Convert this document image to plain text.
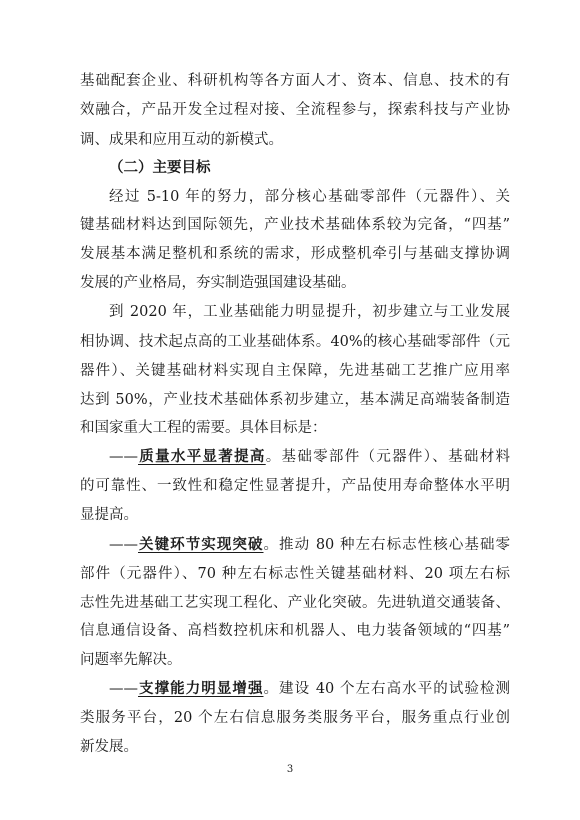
基础配套企业、科研机构等各方面人才、资本、信息、技术的有
效融合，产品开发全过程对接、全流程参与，探索科技与产业协
调、成果和应用互动的新模式。
（二）主要目标
经过 5-10 年的努力，部分核心基础零部件（元器件）、关
键基础材料达到国际领先，产业技术基础体系较为完备，“四基”
发展基本满足整机和系统的需求，形成整机牵引与基础支撑协调
发展的产业格局，夯实制造强国建设基础。
到 2020 年，工业基础能力明显提升，初步建立与工业发展
相协调、技术起点高的工业基础体系。40%的核心基础零部件（元
器件）、关键基础材料实现自主保障，先进基础工艺推广应用率
达到 50%，产业技术基础体系初步建立，基本满足高端装备制造
和国家重大工程的需要。具体目标是：
——质量水平显著提高。基础零部件（元器件）、基础材料
的可靠性、一致性和稳定性显著提升，产品使用寿命整体水平明
显提高。
——关键环节实现突破。推动 80 种左右标志性核心基础零
部件（元器件）、70 种左右标志性关键基础材料、20 项左右标
志性先进基础工艺实现工程化、产业化突破。先进轨道交通装备、
信息通信设备、高档数控机床和机器人、电力装备领域的“四基”
问题率先解决。
——支撑能力明显增强。建设 40 个左右高水平的试验检测
类服务平台，20 个左右信息服务类服务平台，服务重点行业创
新发展。
3
